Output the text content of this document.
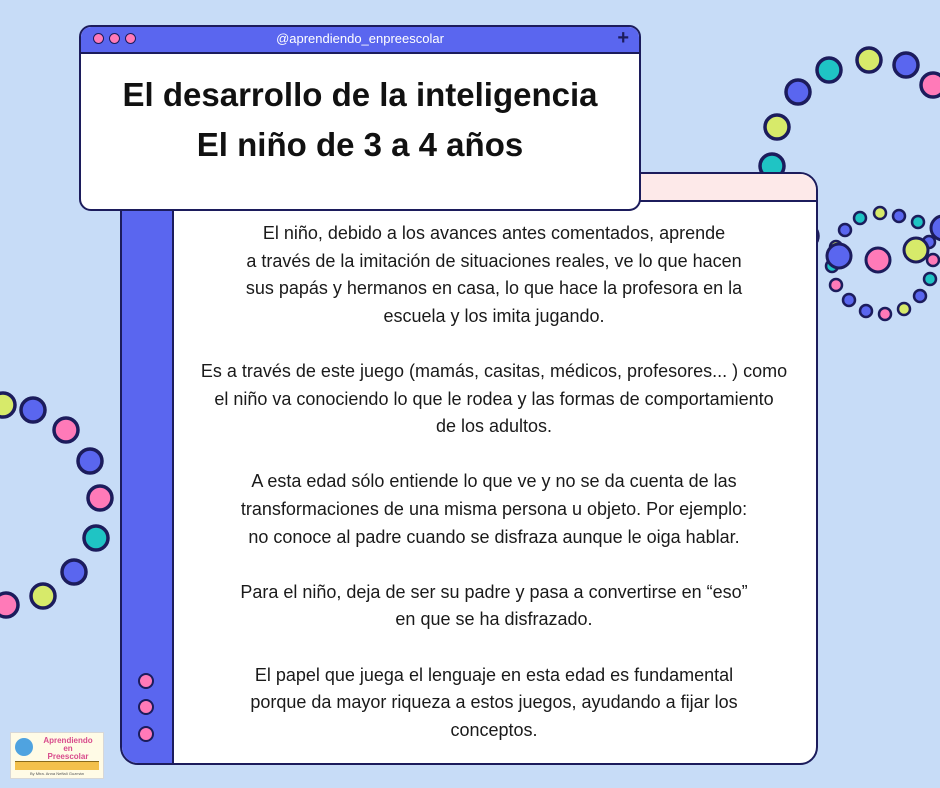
El niño, debido a los avances antes comentados, aprende
a través de la imitación de situaciones reales, ve lo que hacen
sus papás y hermanos en casa, lo que hace la profesora en la
escuela y los imita jugando.

Es a través de este juego (mamás, casitas, médicos, profesores... ) como
el niño va conociendo lo que le rodea y las formas de comportamiento
de los adultos.

A esta edad sólo entiende lo que ve y no se da cuenta de las
transformaciones de una misma persona u objeto. Por ejemplo:
no conoce al padre cuando se disfraza aunque le oiga hablar.

Para el niño, deja de ser su padre y pasa a convertirse en “eso”
en que se ha disfrazado.

El papel que juega el lenguaje en esta edad es fundamental
porque da mayor riqueza a estos juegos, ayudando a fijar los
conceptos.

@aprendiendo_enpreescolar	+

El desarrollo de la inteligencia

El niño de 3 a 4 años

Aprendiendo
en
Preescolar
By Mtra. Anna Neftalí Guzmán
